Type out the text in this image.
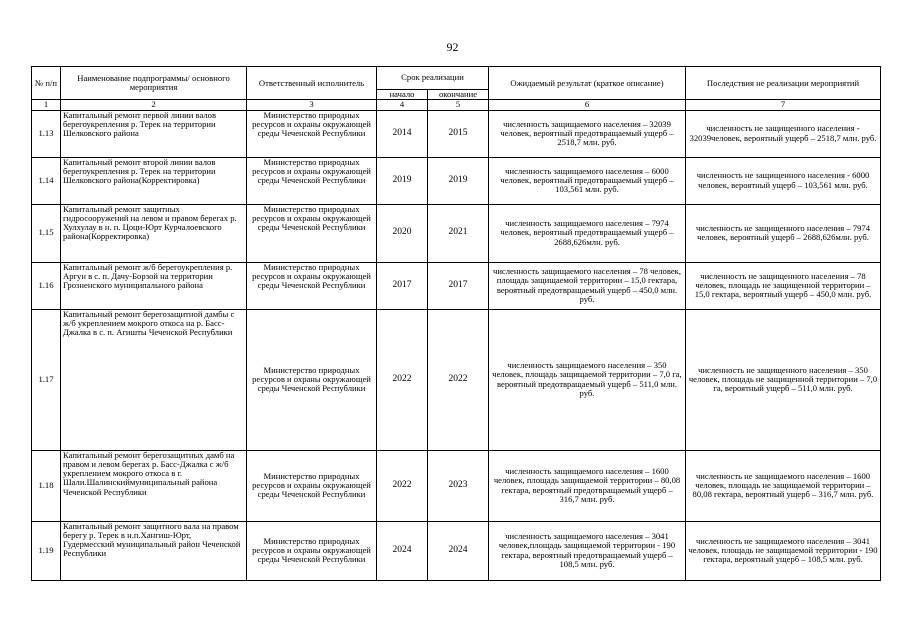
92
№ п/п	Наименование подпрограммы/ основного мероприятия	Ответственный исполнитель	Срок реализации		Ожидаемый результат (краткое описание)	Последствия не реализации мероприятий
			начало	окончание		
1	2	3	4	5	6	7
1.13	Капитальный ремонт первой линии валов берегоукрепления р. Терек на территории Шелковского района	Министерство природных ресурсов и охраны окружающей среды Чеченской Республики	2014	2015	численность защищаемого населения – 32039 человек, вероятный предотвращаемый ущерб – 2518,7 млн. руб.	численность не защищенного населения - 32039человек, вероятный ущерб – 2518,7 млн. руб.
1.14	Капитальный ремонт второй линии валов берегоукрепления р. Терек на территории Шелковского района(Корректировка)	Министерство природных ресурсов и охраны окружающей среды Чеченской Республики	2019	2019	численность защищаемого населения – 6000 человек, вероятный предотвращаемый ущерб – 103,561 млн. руб.	численность не защищенного населения - 6000 человек, вероятный ущерб – 103,561 млн. руб.
1.15	Капитальный ремонт защитных гидросооружений на левом и правом берегах р. Хулхулау в н. п. Цоци-Юрт Курчалоевского района(Корректировка)	Министерство природных ресурсов и охраны окружающей среды Чеченской Республики	2020	2021	численность защищаемого населения – 7974 человек, вероятный предотвращаемый ущерб –2688,626млн. руб.	численность не защищенного населения – 7974 человек, вероятный ущерб – 2688,626млн. руб.
1.16	Капитальный ремонт ж/б берегоукрепления р. Аргун в с. п. Дачу-Борзой на территории Грозненского муниципального района	Министерство природных ресурсов и охраны окружающей среды Чеченской Республики	2017	2017	численность защищаемого населения – 78 человек, площадь защищаемой территории – 15,0 гектара, вероятный предотвращаемый ущерб – 450,0 млн. руб.	численность не защищенного населения – 78 человек, площадь не защищенной территории – 15,0 гектара, вероятный ущерб – 450,0 млн. руб.
1.17	Капитальный ремонт берегозащитной дамбы с ж/б укреплением мокрого откоса на р. Басс-Джалка в с. п. Агишты Чеченской Республики	Министерство природных ресурсов и охраны окружающей среды Чеченской Республики	2022	2022	численность защищаемого населения – 350 человек, площадь защищаемой территории – 7,0 га, вероятный предотвращаемый ущерб – 511,0 млн. руб.	численность не защищенного населения – 350 человек, площадь не защищенной территории – 7,0 га, вероятный ущерб – 511,0 млн. руб.
1.18	Капитальный ремонт берегозащитных дамб на правом и левом берегах р. Басс-Джалка с ж/б укреплением мокрого откоса в г. Шали.Шалинскиймуниципальный района Чеченской Республики	Министерство природных ресурсов и охраны окружающей среды Чеченской Республики	2022	2023	численность защищаемого населения – 1600 человек, площадь защищаемой территории – 80,08 гектара, вероятный предотвращаемый ущерб – 316,7 млн. руб.	численность не защищаемого населения – 1600 человек, площадь не защищаемой территории – 80,08 гектара, вероятный ущерб – 316,7 млн. руб.
1.19	Капитальный ремонт защитного вала на правом берегу р. Терек в н.п.Хангиш-Юрт, Гудермесский муниципальный район Чеченской Республики	Министерство природных ресурсов и охраны окружающей среды Чеченской Республики	2024	2024	численность защищаемого населения – 3041 человек,площадь защищаемой территории - 190 гектара, вероятный предотвращаемый ущерб – 108,5 млн. руб.	численность не защищаемого населения – 3041 человек, площадь не защищаемой территории - 190 гектара, вероятный ущерб – 108,5 млн. руб.
